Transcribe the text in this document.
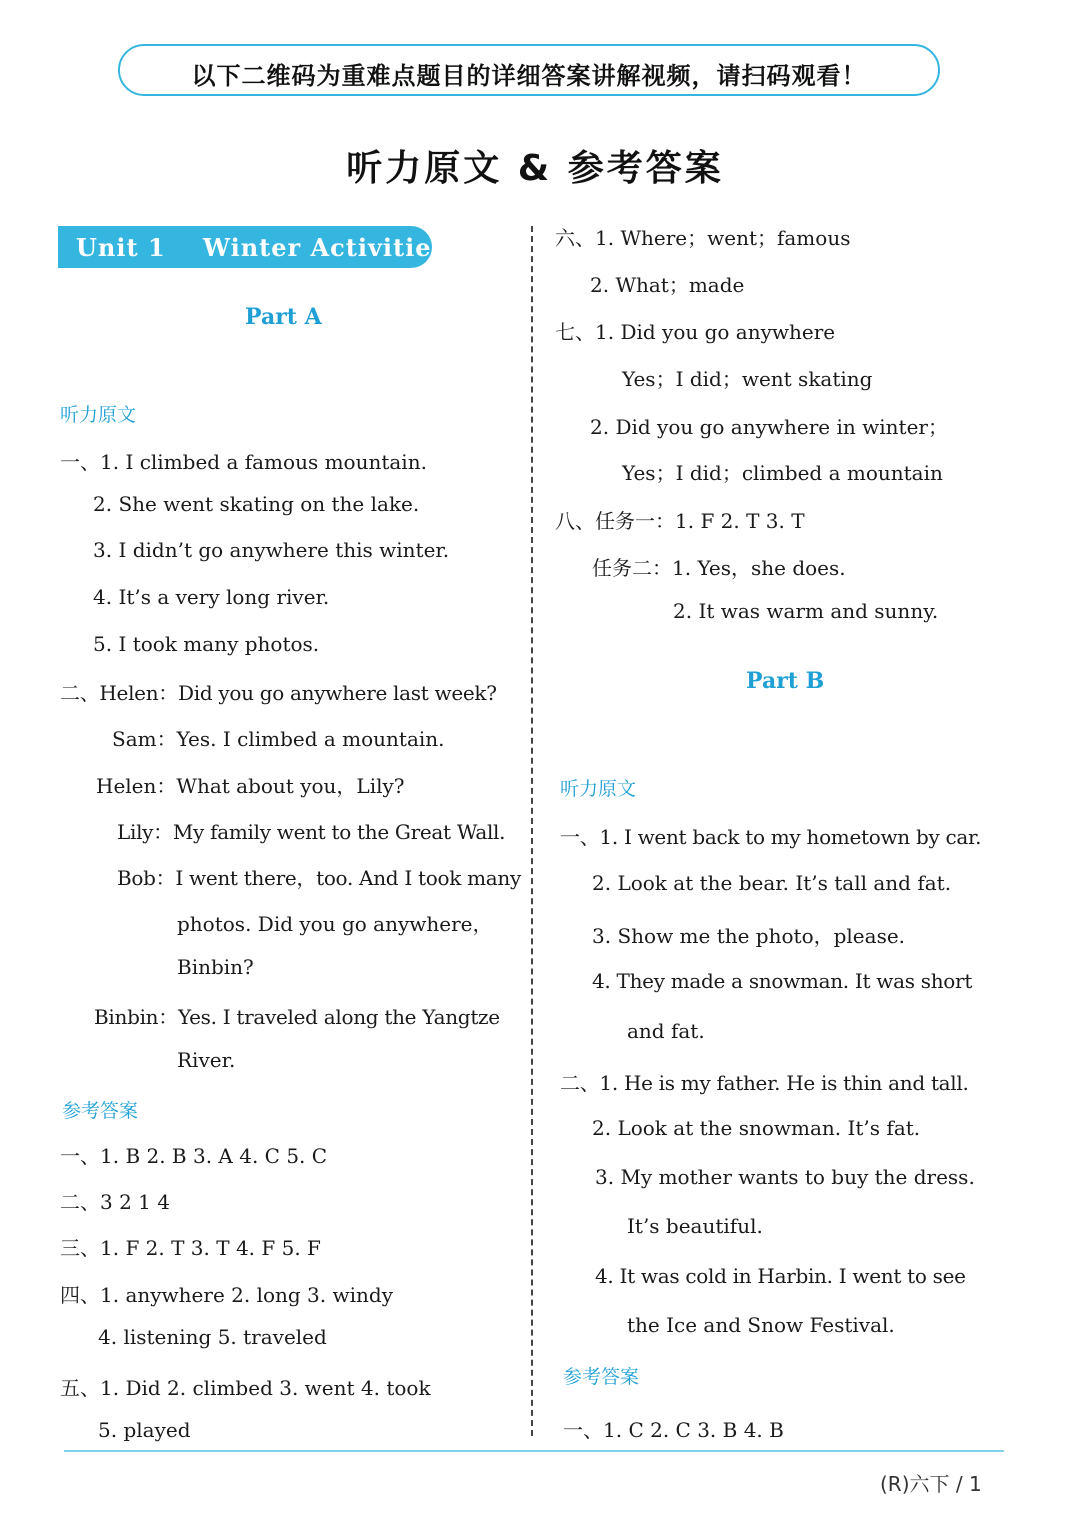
以下二维码为重难点题目的详细答案讲解视频，请扫码观看！
听力原文 & 参考答案
Unit 1    Winter Activities
Part A
听力原文
一、1. I climbed a famous mountain.
2. She went skating on the lake.
3. I didn’t go anywhere this winter.
4. It’s a very long river.
5. I took many photos.
二、Helen：Did you go anywhere last week?
Sam：Yes. I climbed a mountain.
Helen：What about you，Lily?
Lily：My family went to the Great Wall.
Bob：I went there，too. And I took many
photos. Did you go anywhere，
Binbin?
Binbin：Yes. I traveled along the Yangtze
River.
参考答案
一、1. B 2. B 3. A 4. C 5. C
二、3 2 1 4
三、1. F 2. T 3. T 4. F 5. F
四、1. anywhere 2. long 3. windy
4. listening 5. traveled
五、1. Did 2. climbed 3. went 4. took
5. played
六、1. Where；went；famous
2. What；made
七、1. Did you go anywhere
Yes；I did；went skating
2. Did you go anywhere in winter；
Yes；I did；climbed a mountain
八、任务一：1. F 2. T 3. T
任务二：1. Yes，she does.
2. It was warm and sunny.
Part B
听力原文
一、1. I went back to my hometown by car.
2. Look at the bear. It’s tall and fat.
3. Show me the photo，please.
4. They made a snowman. It was short
and fat.
二、1. He is my father. He is thin and tall.
2. Look at the snowman. It’s fat.
3. My mother wants to buy the dress.
It’s beautiful.
4. It was cold in Harbin. I went to see
the Ice and Snow Festival.
参考答案
一、1. C 2. C 3. B 4. B
(R)六下 / 1
